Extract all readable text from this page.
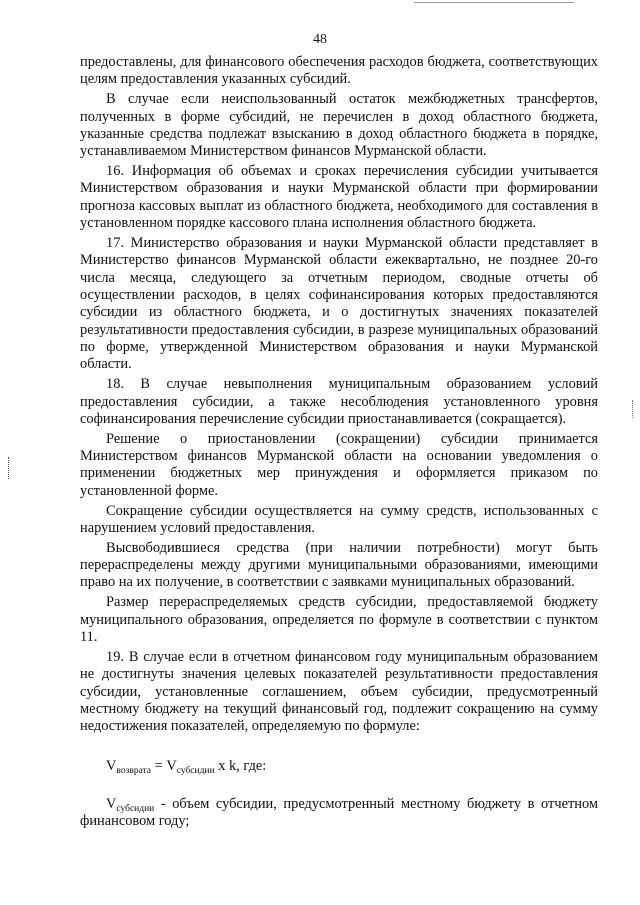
48

предоставлены, для финансового обеспечения расходов бюджета, соответствующих целям предоставления указанных субсидий.

В случае если неиспользованный остаток межбюджетных трансфертов, полученных в форме субсидий, не перечислен в доход областного бюджета, указанные средства подлежат взысканию в доход областного бюджета в порядке, устанавливаемом Министерством финансов Мурманской области.

16. Информация об объемах и сроках перечисления субсидии учитывается Министерством образования и науки Мурманской области при формировании прогноза кассовых выплат из областного бюджета, необходимого для составления в установленном порядке кассового плана исполнения областного бюджета.

17. Министерство образования и науки Мурманской области представляет в Министерство финансов Мурманской области ежеквартально, не позднее 20-го числа месяца, следующего за отчетным периодом, сводные отчеты об осуществлении расходов, в целях софинансирования которых предоставляются субсидии из областного бюджета, и о достигнутых значениях показателей результативности предоставления субсидии, в разрезе муниципальных образований по форме, утвержденной Министерством образования и науки Мурманской области.

18. В случае невыполнения муниципальным образованием условий предоставления субсидии, а также несоблюдения установленного уровня софинансирования перечисление субсидии приостанавливается (сокращается).

Решение о приостановлении (сокращении) субсидии принимается Министерством финансов Мурманской области на основании уведомления о применении бюджетных мер принуждения и оформляется приказом по установленной форме.

Сокращение субсидии осуществляется на сумму средств, использованных с нарушением условий предоставления.

Высвободившиеся средства (при наличии потребности) могут быть перераспределены между другими муниципальными образованиями, имеющими право на их получение, в соответствии с заявками муниципальных образований.

Размер перераспределяемых средств субсидии, предоставляемой бюджету муниципального образования, определяется по формуле в соответствии с пунктом 11.

19. В случае если в отчетном финансовом году муниципальным образованием не достигнуты значения целевых показателей результативности предоставления субсидии, установленные соглашением, объем субсидии, предусмотренный местному бюджету на текущий финансовый год, подлежит сокращению на сумму недостижения показателей, определяемую по формуле:

$V_{возврата} = V_{субсидии}$ x k, где:

$V_{субсидии}$ - объем субсидии, предусмотренный местному бюджету в отчетном финансовом году;
